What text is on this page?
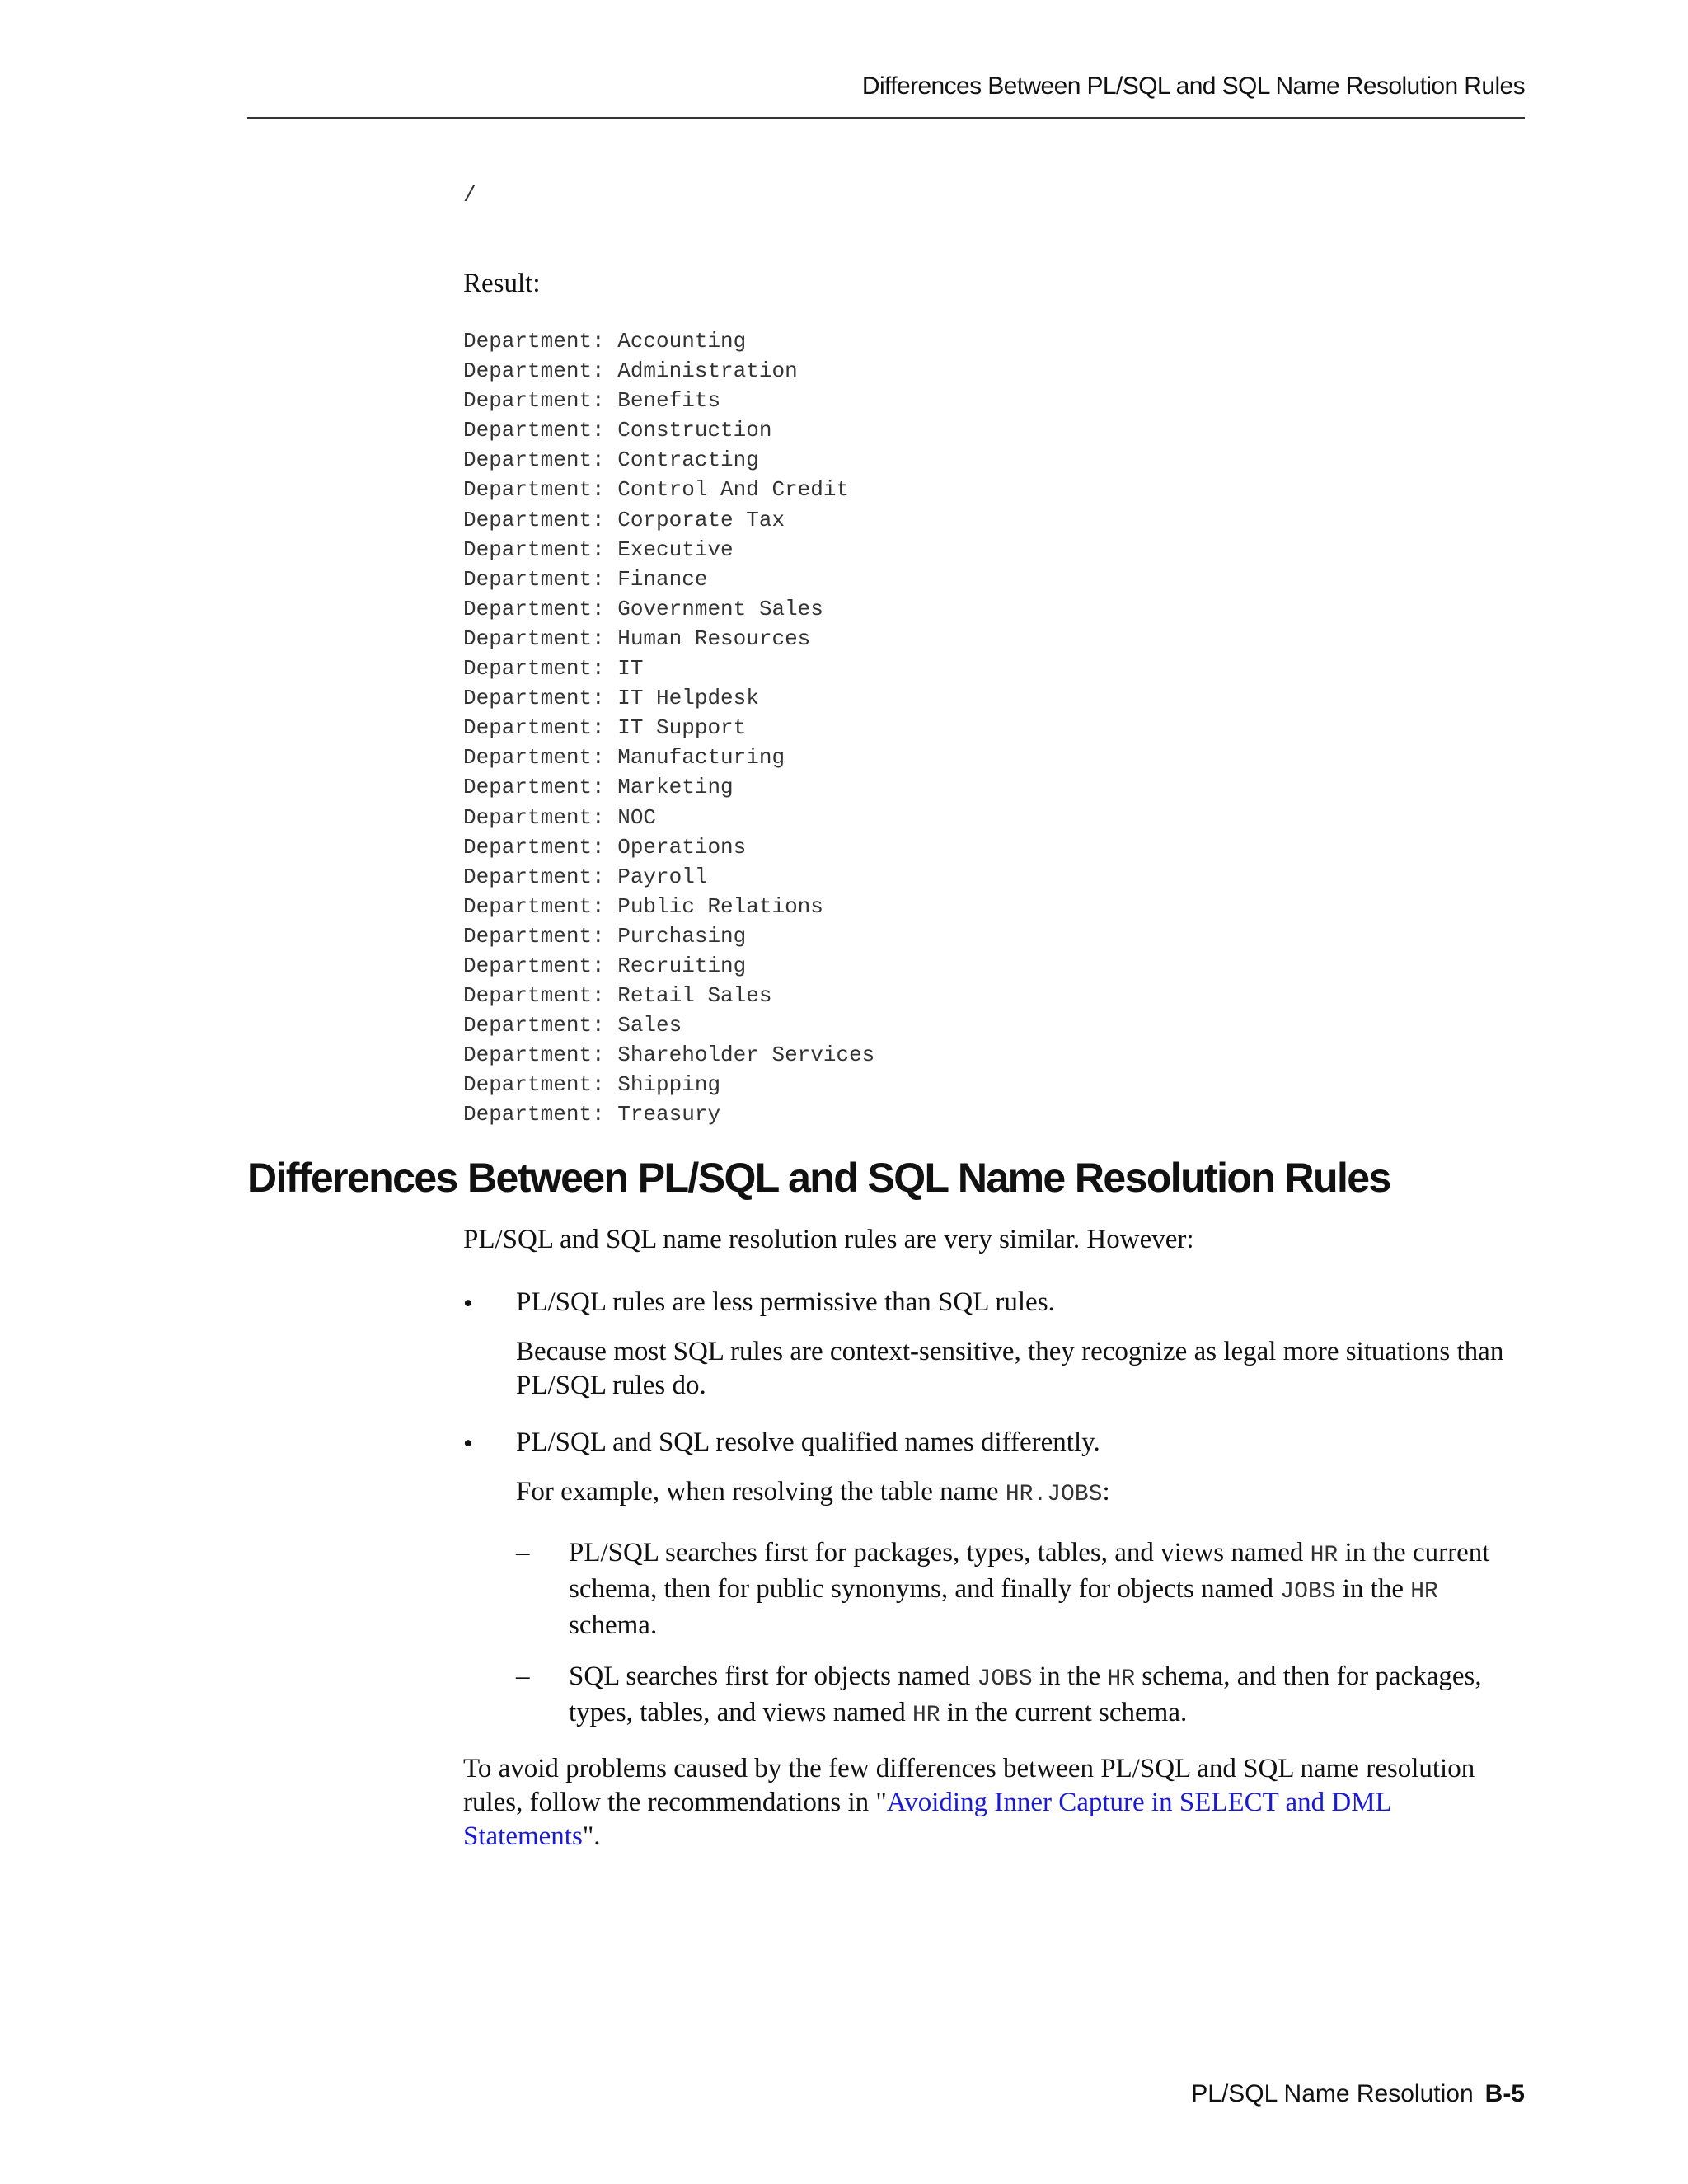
Differences Between PL/SQL and SQL Name Resolution Rules
/
Result:
Department: Accounting
Department: Administration
Department: Benefits
Department: Construction
Department: Contracting
Department: Control And Credit
Department: Corporate Tax
Department: Executive
Department: Finance
Department: Government Sales
Department: Human Resources
Department: IT
Department: IT Helpdesk
Department: IT Support
Department: Manufacturing
Department: Marketing
Department: NOC
Department: Operations
Department: Payroll
Department: Public Relations
Department: Purchasing
Department: Recruiting
Department: Retail Sales
Department: Sales
Department: Shareholder Services
Department: Shipping
Department: Treasury
Differences Between PL/SQL and SQL Name Resolution Rules

PL/SQL and SQL name resolution rules are very similar. However:

• PL/SQL rules are less permissive than SQL rules.

Because most SQL rules are context-sensitive, they recognize as legal more situations than PL/SQL rules do.

• PL/SQL and SQL resolve qualified names differently.

For example, when resolving the table name HR.JOBS:

– PL/SQL searches first for packages, types, tables, and views named HR in the current schema, then for public synonyms, and finally for objects named JOBS in the HR schema.

– SQL searches first for objects named JOBS in the HR schema, and then for packages, types, tables, and views named HR in the current schema.

To avoid problems caused by the few differences between PL/SQL and SQL name resolution rules, follow the recommendations in "Avoiding Inner Capture in SELECT and DML Statements".

PL/SQL Name Resolution B-5
